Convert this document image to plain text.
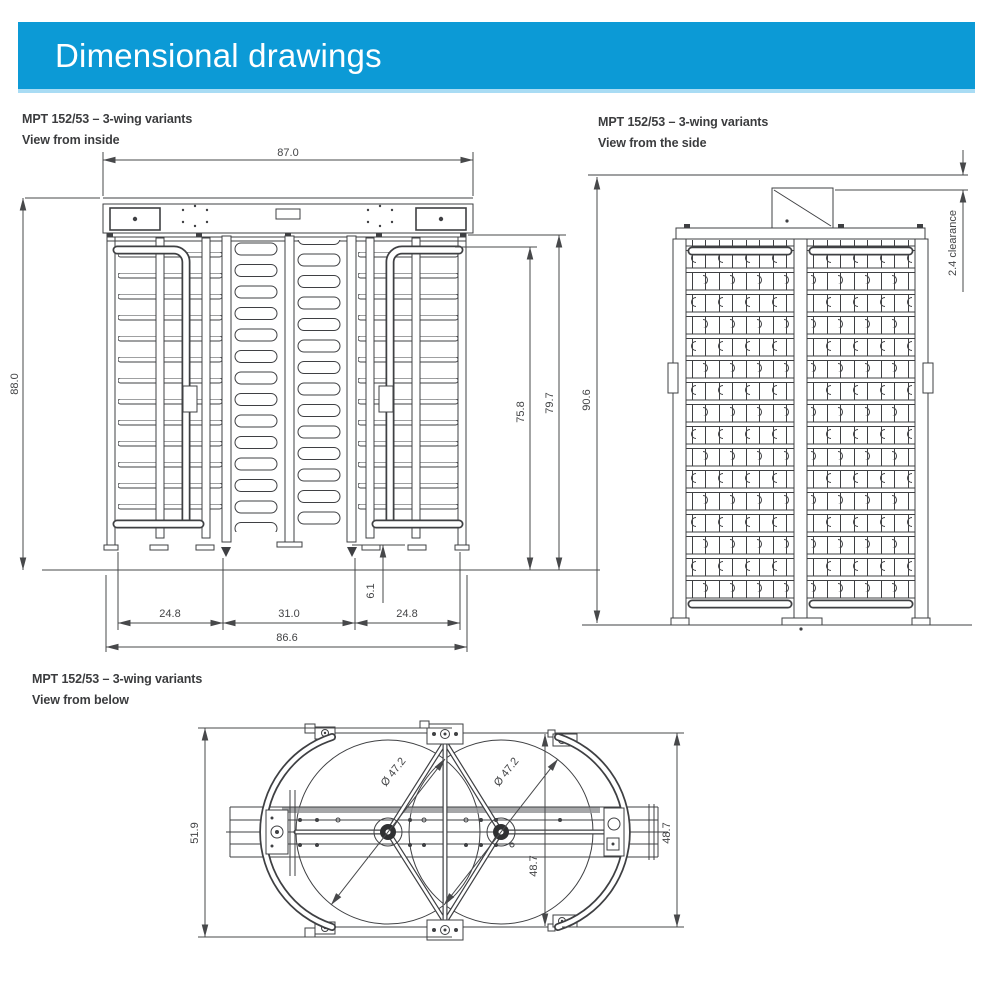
Dimensional drawings
MPT 152/53 – 3-wing variants
View from inside
MPT 152/53 – 3-wing variants
View from the side
MPT 152/53 – 3-wing variants
View from below
87.0
88.0
75.8 79.7
6.1
24.8	31.0	24.8
86.6
90.6
2.4 clearance
51.9
Ø 47.2	Ø 47.2
48.7
48.7
